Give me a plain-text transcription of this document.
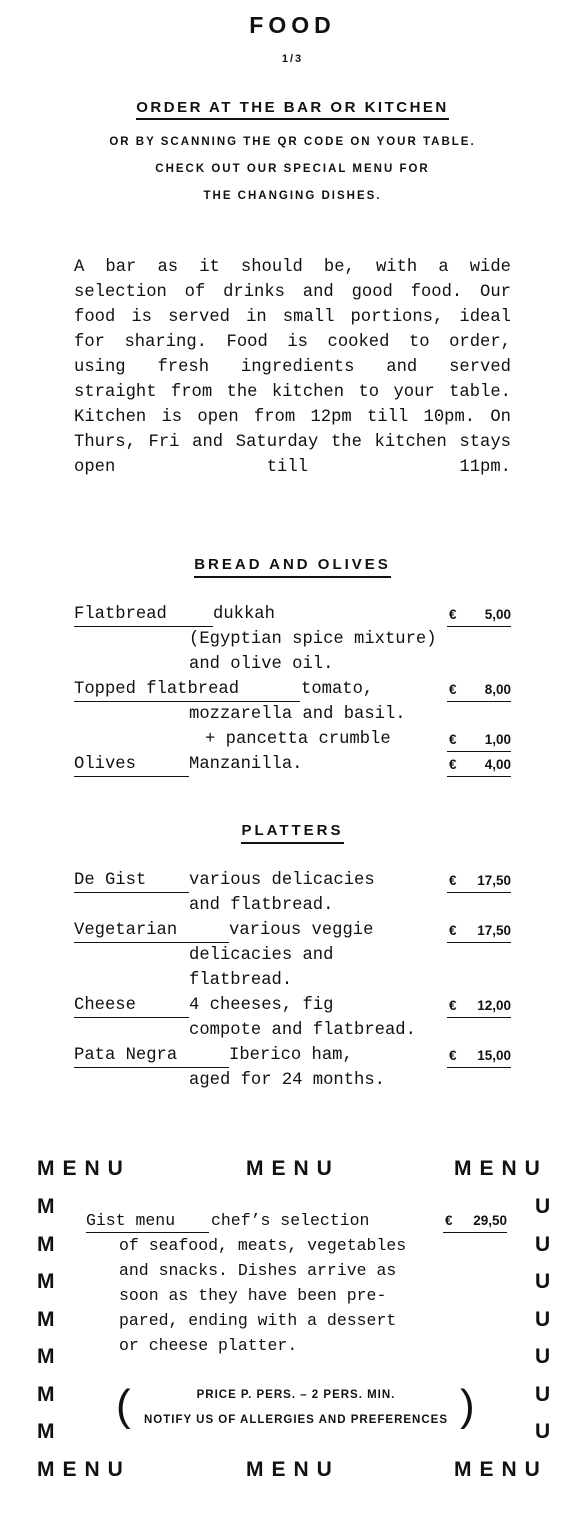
FOOD
1/3
ORDER AT THE BAR OR KITCHEN
OR BY SCANNING THE QR CODE ON YOUR TABLE.
CHECK OUT OUR SPECIAL MENU FOR
THE CHANGING DISHES.
A bar as it should be, with a wide selection of drinks and good food. Our food is served in small portions, ideal for sharing. Food is cooked to order, using fresh ingredients and served straight from the kitchen to your table. Kitchen is open from 12pm till 10pm. On Thurs, Fri and Saturday the kitchen stays open till 11pm.
BREAD AND OLIVES
Flatbread	dukkah
(Egyptian spice mixture)
and olive oil.
€ 5,00
Topped flatbread	tomato,
mozzarella and basil.
€ 8,00
+ pancetta crumble	€ 1,00
Olives	Manzanilla.	€ 4,00
PLATTERS
De Gist	various delicacies
and flatbread.
€ 17,50
Vegetarian	various veggie
delicacies and
flatbread.
€ 17,50
Cheese	4 cheeses, fig
compote and flatbread.
€ 12,00
Pata Negra	Iberico ham,
aged for 24 months.
€ 15,00
MENU	MENU	MENU
M
M
M
M
M
M
M
U
U
U
U
U
U
U
MENU	MENU	MENU
Gist menu	chef’s selection
of seafood, meats, vegetables
and snacks. Dishes arrive as
soon as they have been pre-
pared, ending with a dessert
or cheese platter.
€ 29,50
(	)
PRICE P. PERS. – 2 PERS. MIN.
NOTIFY US OF ALLERGIES AND PREFERENCES
